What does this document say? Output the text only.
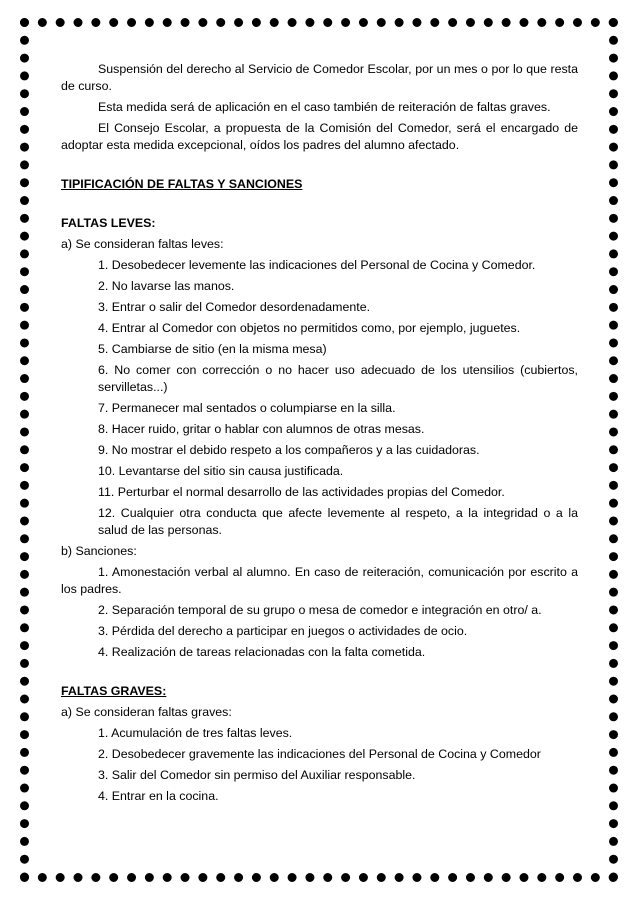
Suspensión del derecho al Servicio de Comedor Escolar, por un mes o por lo que resta de curso.

Esta medida será de aplicación en el caso también de reiteración de faltas graves.

El Consejo Escolar, a propuesta de la Comisión del Comedor, será el encargado de adoptar esta medida excepcional, oídos los padres del alumno afectado.

TIPIFICACIÓN DE FALTAS Y SANCIONES

FALTAS LEVES:

a) Se consideran faltas leves:

1. Desobedecer levemente las indicaciones del Personal de Cocina y Comedor.

2. No lavarse las manos.

3. Entrar o salir del Comedor desordenadamente.

4. Entrar al Comedor con objetos no permitidos como, por ejemplo, juguetes.

5. Cambiarse de sitio (en la misma mesa)

6. No comer con corrección o no hacer uso adecuado de los utensilios (cubiertos, servilletas...)

7. Permanecer mal sentados o columpiarse en la silla.

8. Hacer ruido, gritar o hablar con alumnos de otras mesas.

9. No mostrar el debido respeto a los compañeros y a las cuidadoras.

10. Levantarse del sitio sin causa justificada.

11. Perturbar el normal desarrollo de las actividades propias del Comedor.

12. Cualquier otra conducta que afecte levemente al respeto, a la integridad o a la salud de las personas.

b) Sanciones:

1. Amonestación verbal al alumno. En caso de reiteración, comunicación por escrito a los padres.

2. Separación temporal de su grupo o mesa de comedor e integración en otro/ a.

3. Pérdida del derecho a participar en juegos o actividades de ocio.

4. Realización de tareas relacionadas con la falta cometida.

FALTAS GRAVES:

a) Se consideran faltas graves:

1. Acumulación de tres faltas leves.

2. Desobedecer gravemente las indicaciones del Personal de Cocina y Comedor

3. Salir del Comedor sin permiso del Auxiliar responsable.

4. Entrar en la cocina.
